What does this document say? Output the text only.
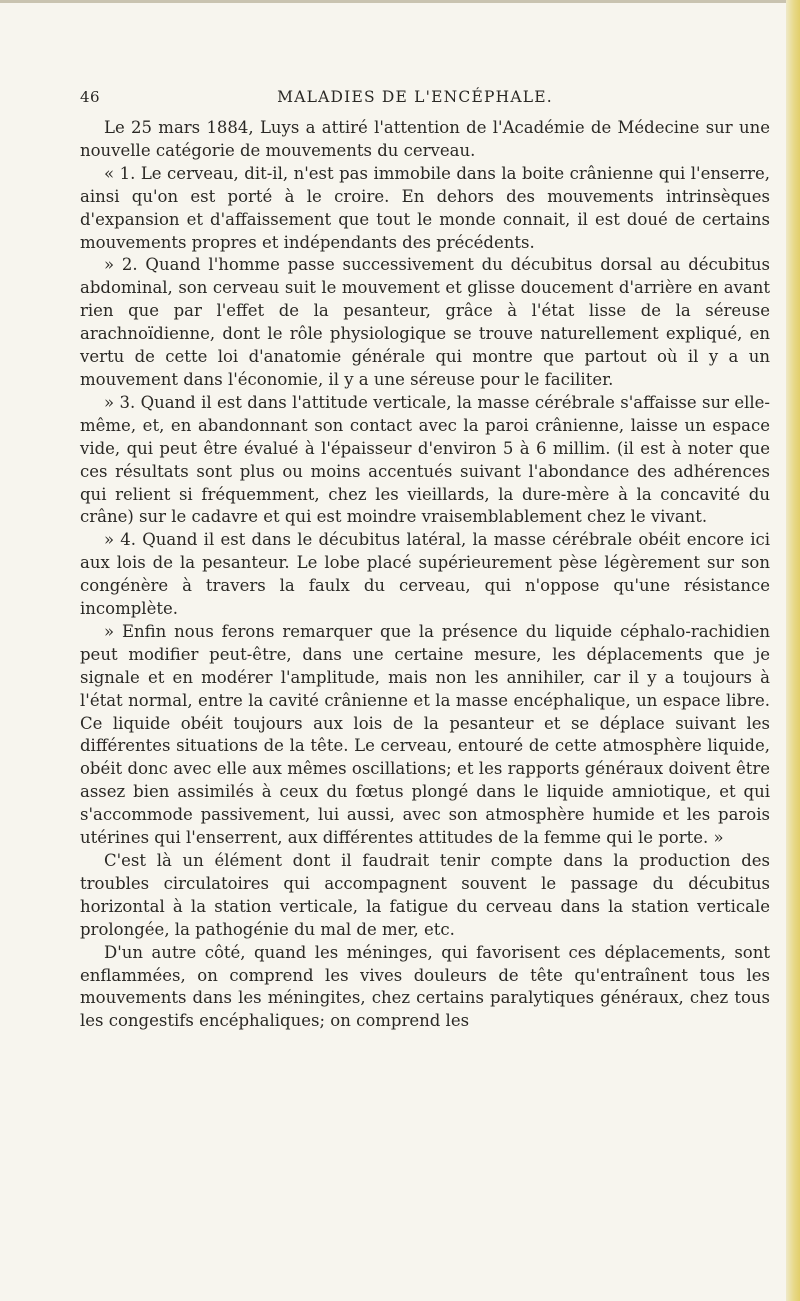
46	MALADIES DE L'ENCÉPHALE.

Le 25 mars 1884, Luys a attiré l'attention de l'Académie de Médecine sur une nouvelle catégorie de mouvements du cerveau.

« 1. Le cerveau, dit-il, n'est pas immobile dans la boite crânienne qui l'enserre, ainsi qu'on est porté à le croire. En dehors des mouvements intrinsèques d'expansion et d'affaissement que tout le monde connait, il est doué de certains mouvements propres et indépendants des précédents.

» 2. Quand l'homme passe successivement du décubitus dorsal au décubitus abdominal, son cerveau suit le mouvement et glisse doucement d'arrière en avant rien que par l'effet de la pesanteur, grâce à l'état lisse de la séreuse arachnoïdienne, dont le rôle physiologique se trouve naturellement expliqué, en vertu de cette loi d'anatomie générale qui montre que partout où il y a un mouvement dans l'économie, il y a une séreuse pour le faciliter.

» 3. Quand il est dans l'attitude verticale, la masse cérébrale s'affaisse sur elle-même, et, en abandonnant son contact avec la paroi crânienne, laisse un espace vide, qui peut être évalué à l'épaisseur d'environ 5 à 6 millim. (il est à noter que ces résultats sont plus ou moins accentués suivant l'abondance des adhérences qui relient si fréquemment, chez les vieillards, la dure-mère à la concavité du crâne) sur le cadavre et qui est moindre vraisemblablement chez le vivant.

» 4. Quand il est dans le décubitus latéral, la masse cérébrale obéit encore ici aux lois de la pesanteur. Le lobe placé supérieurement pèse légèrement sur son congénère à travers la faulx du cerveau, qui n'oppose qu'une résistance incomplète.

» Enfin nous ferons remarquer que la présence du liquide céphalo-rachidien peut modifier peut-être, dans une certaine mesure, les déplacements que je signale et en modérer l'amplitude, mais non les annihiler, car il y a toujours à l'état normal, entre la cavité crânienne et la masse encéphalique, un espace libre. Ce liquide obéit toujours aux lois de la pesanteur et se déplace suivant les différentes situations de la tête. Le cerveau, entouré de cette atmosphère liquide, obéit donc avec elle aux mêmes oscillations; et les rapports généraux doivent être assez bien assimilés à ceux du fœtus plongé dans le liquide amniotique, et qui s'accommode passivement, lui aussi, avec son atmosphère humide et les parois utérines qui l'enserrent, aux différentes attitudes de la femme qui le porte. »

C'est là un élément dont il faudrait tenir compte dans la production des troubles circulatoires qui accompagnent souvent le passage du décubitus horizontal à la station verticale, la fatigue du cerveau dans la station verticale prolongée, la pathogénie du mal de mer, etc.

D'un autre côté, quand les méninges, qui favorisent ces déplacements, sont enflammées, on comprend les vives douleurs de tête qu'entraînent tous les mouvements dans les méningites, chez certains paralytiques généraux, chez tous les congestifs encéphaliques; on comprend les
